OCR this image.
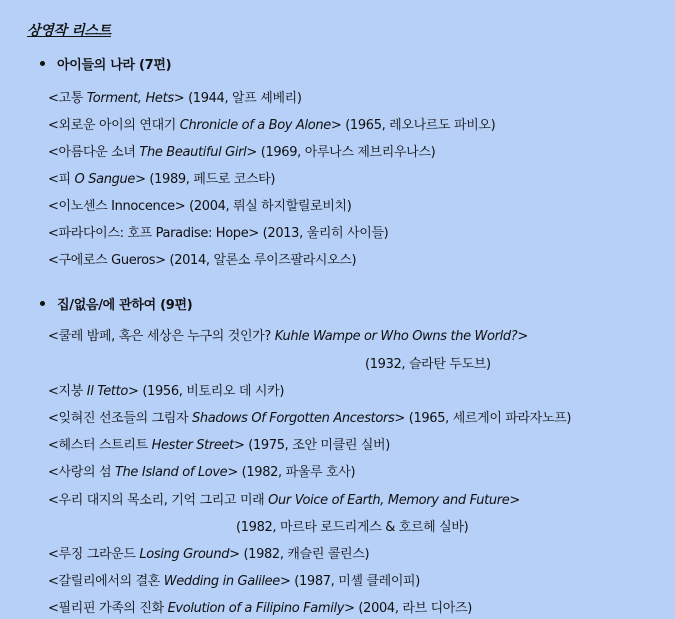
상영작 리스트
아이들의 나라 (7편)
<고통 Torment, Hets> (1944, 알프 셰베리)
<외로운 아이의 연대기 Chronicle of a Boy Alone> (1965, 레오나르도 파비오)
<아름다운 소녀 The Beautiful Girl> (1969, 아루나스 제브리우나스)
<피 O Sangue> (1989, 페드로 코스타)
<이노센스 Innocence> (2004, 뤼실 하지할릴로비치)
<파라다이스: 호프 Paradise: Hope> (2013, 울리히 사이들)
<구에로스 Gueros> (2014, 알론소 루이즈팔라시오스)
집/없음/에 관하여 (9편)
<쿨레 밤페, 혹은 세상은 누구의 것인가? Kuhle Wampe or Who Owns the World?>
(1932, 슬라탄 두도브)
<지붕 Il Tetto> (1956, 비토리오 데 시카)
<잊혀진 선조들의 그림자 Shadows Of Forgotten Ancestors> (1965, 세르게이 파라자노프)
<헤스터 스트리트 Hester Street> (1975, 조안 미클린 실버)
<사랑의 섬 The Island of Love> (1982, 파울루 호사)
<우리 대지의 목소리, 기억 그리고 미래 Our Voice of Earth, Memory and Future>
(1982, 마르타 로드리게스 & 호르헤 실바)
<루징 그라운드 Losing Ground> (1982, 캐슬린 콜린스)
<갈릴리에서의 결혼 Wedding in Galilee> (1987, 미셸 클레이피)
<필리핀 가족의 진화 Evolution of a Filipino Family> (2004, 라브 디아즈)
